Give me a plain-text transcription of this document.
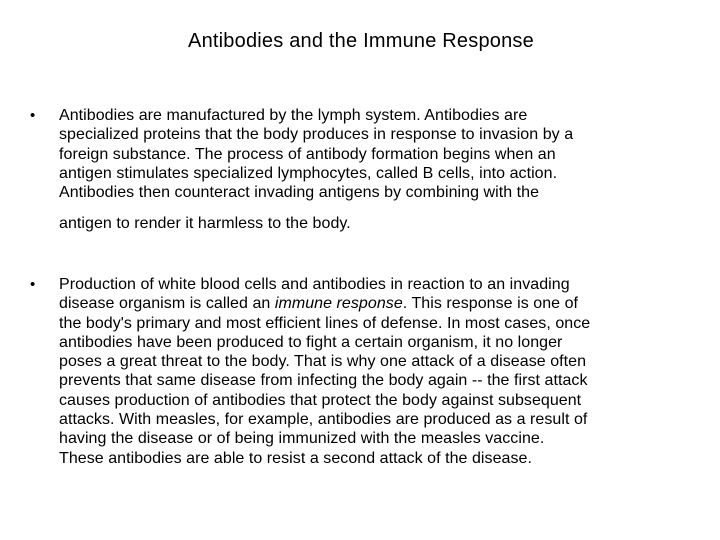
Antibodies and the Immune Response
• Antibodies are manufactured by the lymph system. Antibodies are
specialized proteins that the body produces in response to invasion by a
foreign substance. The process of antibody formation begins when an
antigen stimulates specialized lymphocytes, called B cells, into action.
Antibodies then counteract invading antigens by combining with the
antigen to render it harmless to the body.
• Production of white blood cells and antibodies in reaction to an invading
disease organism is called an immune response. This response is one of
the body's primary and most efficient lines of defense. In most cases, once
antibodies have been produced to fight a certain organism, it no longer
poses a great threat to the body. That is why one attack of a disease often
prevents that same disease from infecting the body again -- the first attack
causes production of antibodies that protect the body against subsequent
attacks. With measles, for example, antibodies are produced as a result of
having the disease or of being immunized with the measles vaccine.
These antibodies are able to resist a second attack of the disease.
